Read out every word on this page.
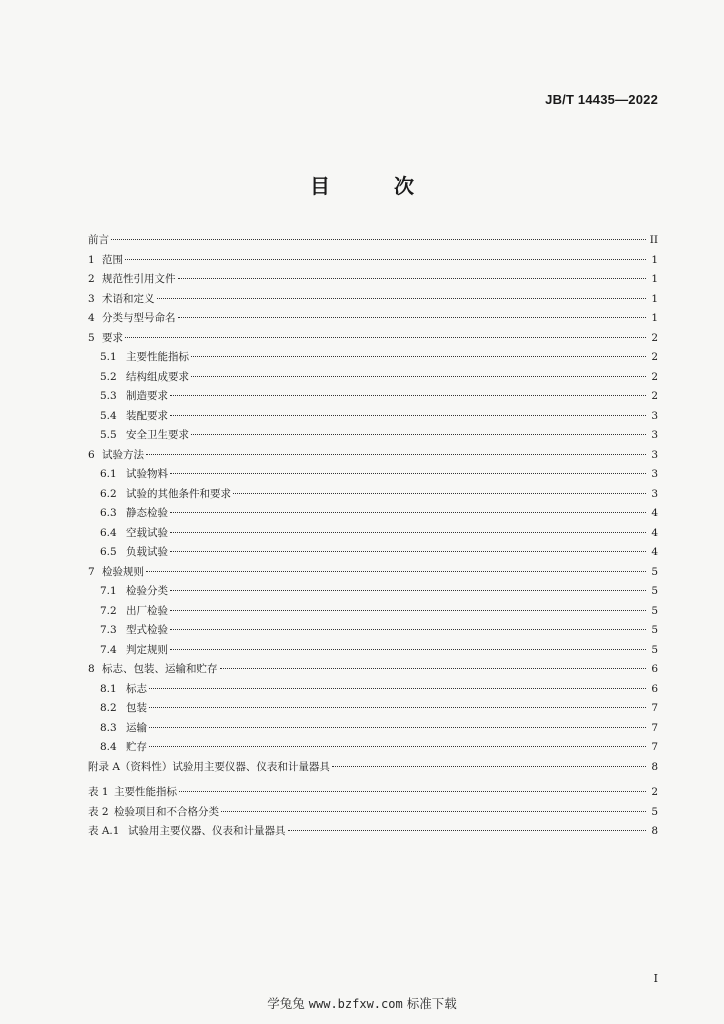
JB/T 14435—2022
目　次
前言	II
1 范围	1
2 规范性引用文件	1
3 术语和定义	1
4 分类与型号命名	1
5 要求	2
5.1 主要性能指标	2
5.2 结构组成要求	2
5.3 制造要求	2
5.4 装配要求	3
5.5 安全卫生要求	3
6 试验方法	3
6.1 试验物料	3
6.2 试验的其他条件和要求	3
6.3 静态检验	4
6.4 空载试验	4
6.5 负载试验	4
7 检验规则	5
7.1 检验分类	5
7.2 出厂检验	5
7.3 型式检验	5
7.4 判定规则	5
8 标志、包装、运输和贮存	6
8.1 标志	6
8.2 包装	7
8.3 运输	7
8.4 贮存	7
附录 A（资料性）试验用主要仪器、仪表和计量器具	8
表 1 主要性能指标	2
表 2 检验项目和不合格分类	5
表 A.1 试验用主要仪器、仪表和计量器具	8
I
学兔兔 www.bzfxw.com 标准下载
